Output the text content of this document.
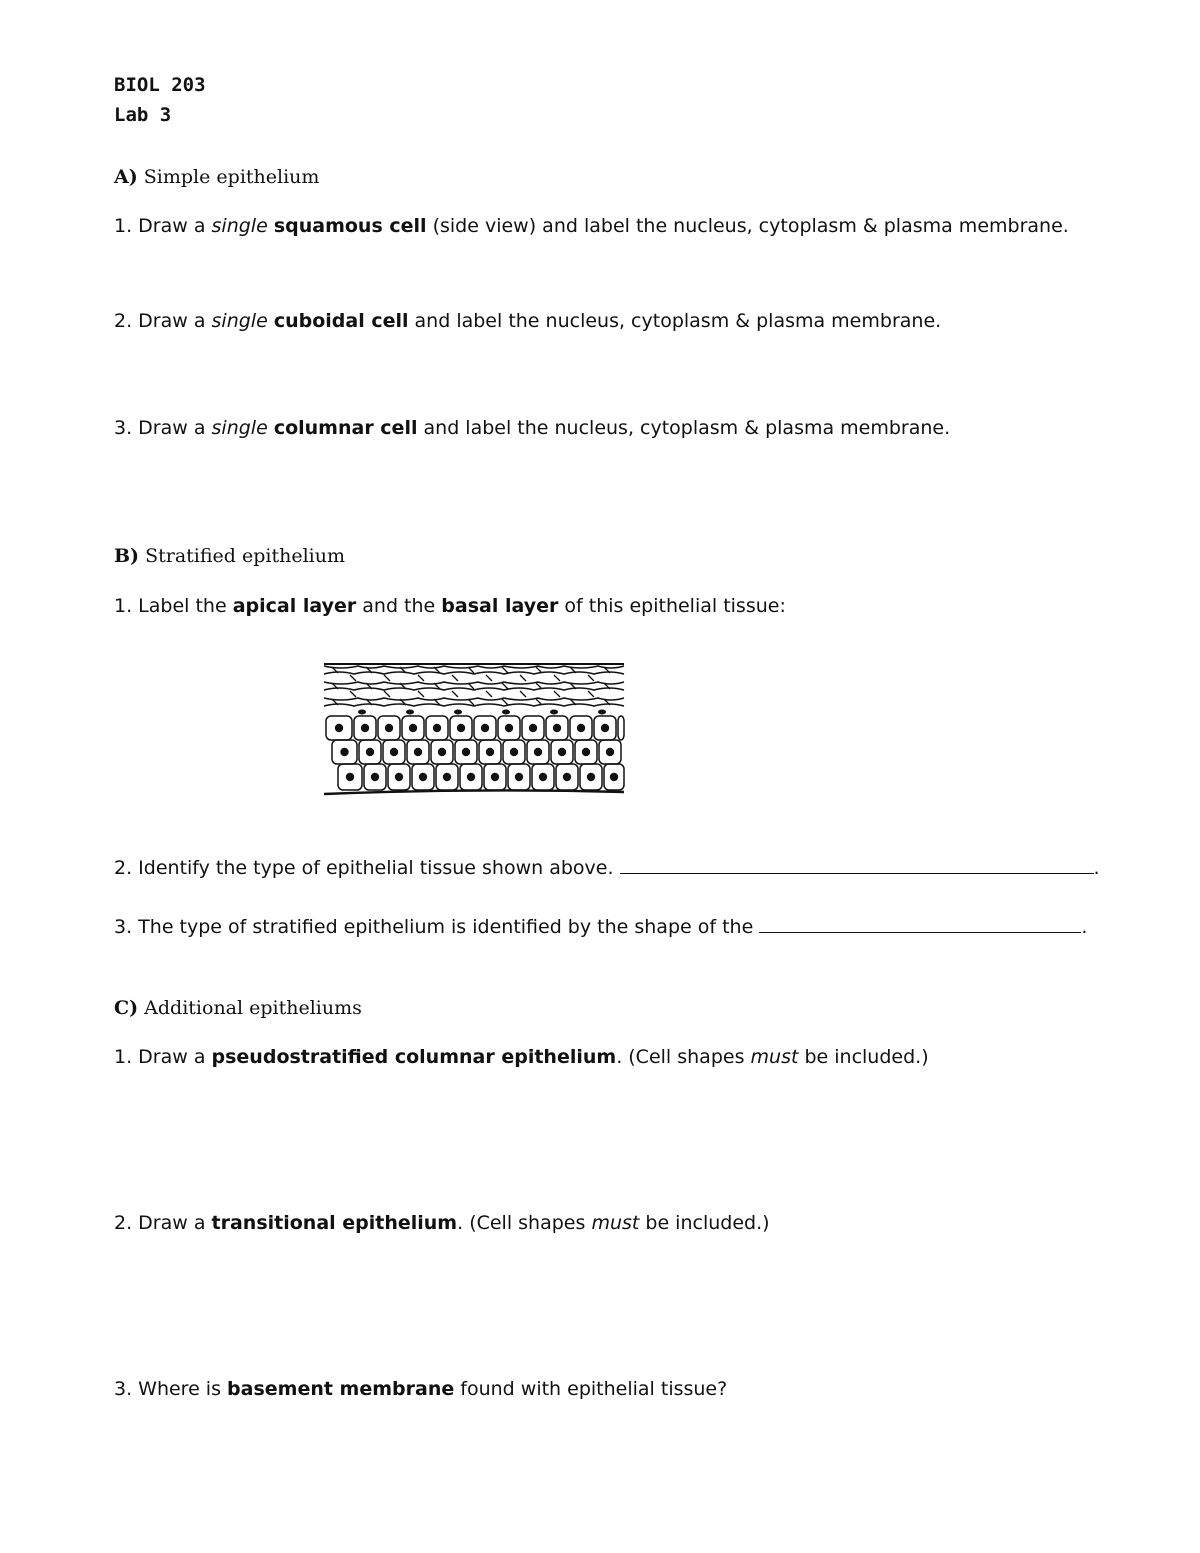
BIOL 203
Lab 3
A) Simple epithelium
1. Draw a single squamous cell (side view) and label the nucleus, cytoplasm & plasma membrane.
2. Draw a single cuboidal cell and label the nucleus, cytoplasm & plasma membrane.
3. Draw a single columnar cell and label the nucleus, cytoplasm & plasma membrane.
B) Stratified epithelium
1. Label the apical layer and the basal layer of this epithelial tissue:
2. Identify the type of epithelial tissue shown above.	.
3. The type of stratified epithelium is identified by the shape of the	.
C) Additional epitheliums
1. Draw a pseudostratified columnar epithelium. (Cell shapes must be included.)
2. Draw a transitional epithelium. (Cell shapes must be included.)
3. Where is basement membrane found with epithelial tissue?
